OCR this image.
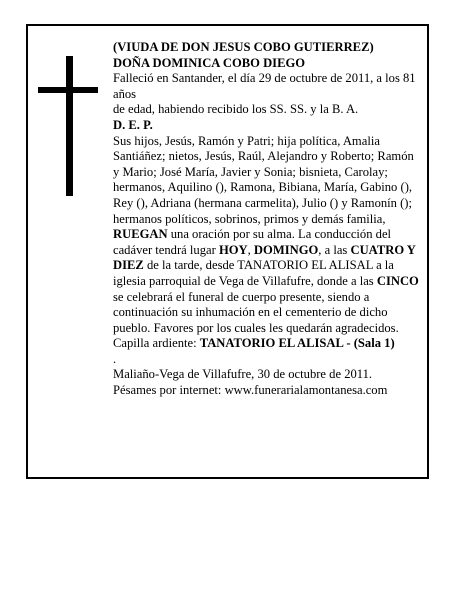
(VIUDA DE DON JESUS COBO GUTIERREZ)

DOÑA DOMINICA COBO DIEGO

Falleció en Santander, el día 29 de octubre de 2011, a los 81 años

de edad, habiendo recibido los SS. SS. y la B. A.

D. E. P.

Sus hijos, Jesús, Ramón y Patri; hija política, Amalia Santiáñez; nietos, Jesús, Raúl, Alejandro y Roberto; Ramón y Mario; José María, Javier y Sonia; bisnieta, Carolay; hermanos, Aquilino (), Ramona, Bibiana, María, Gabino (), Rey (), Adriana (hermana carmelita), Julio () y Ramonín (); hermanos políticos, sobrinos, primos y demás familia,

RUEGAN una oración por su alma. La conducción del cadáver tendrá lugar HOY, DOMINGO, a las CUATRO Y DIEZ de la tarde, desde TANATORIO EL ALISAL a la iglesia parroquial de Vega de Villafufre, donde a las CINCO se celebrará el funeral de cuerpo presente, siendo a continuación su inhumación en el cementerio de dicho pueblo. Favores por los cuales les quedarán agradecidos.

Capilla ardiente: TANATORIO EL ALISAL - (Sala 1)

.

Maliaño-Vega de Villafufre, 30 de octubre de 2011.

Pésames por internet: www.funerarialamontanesa.com
